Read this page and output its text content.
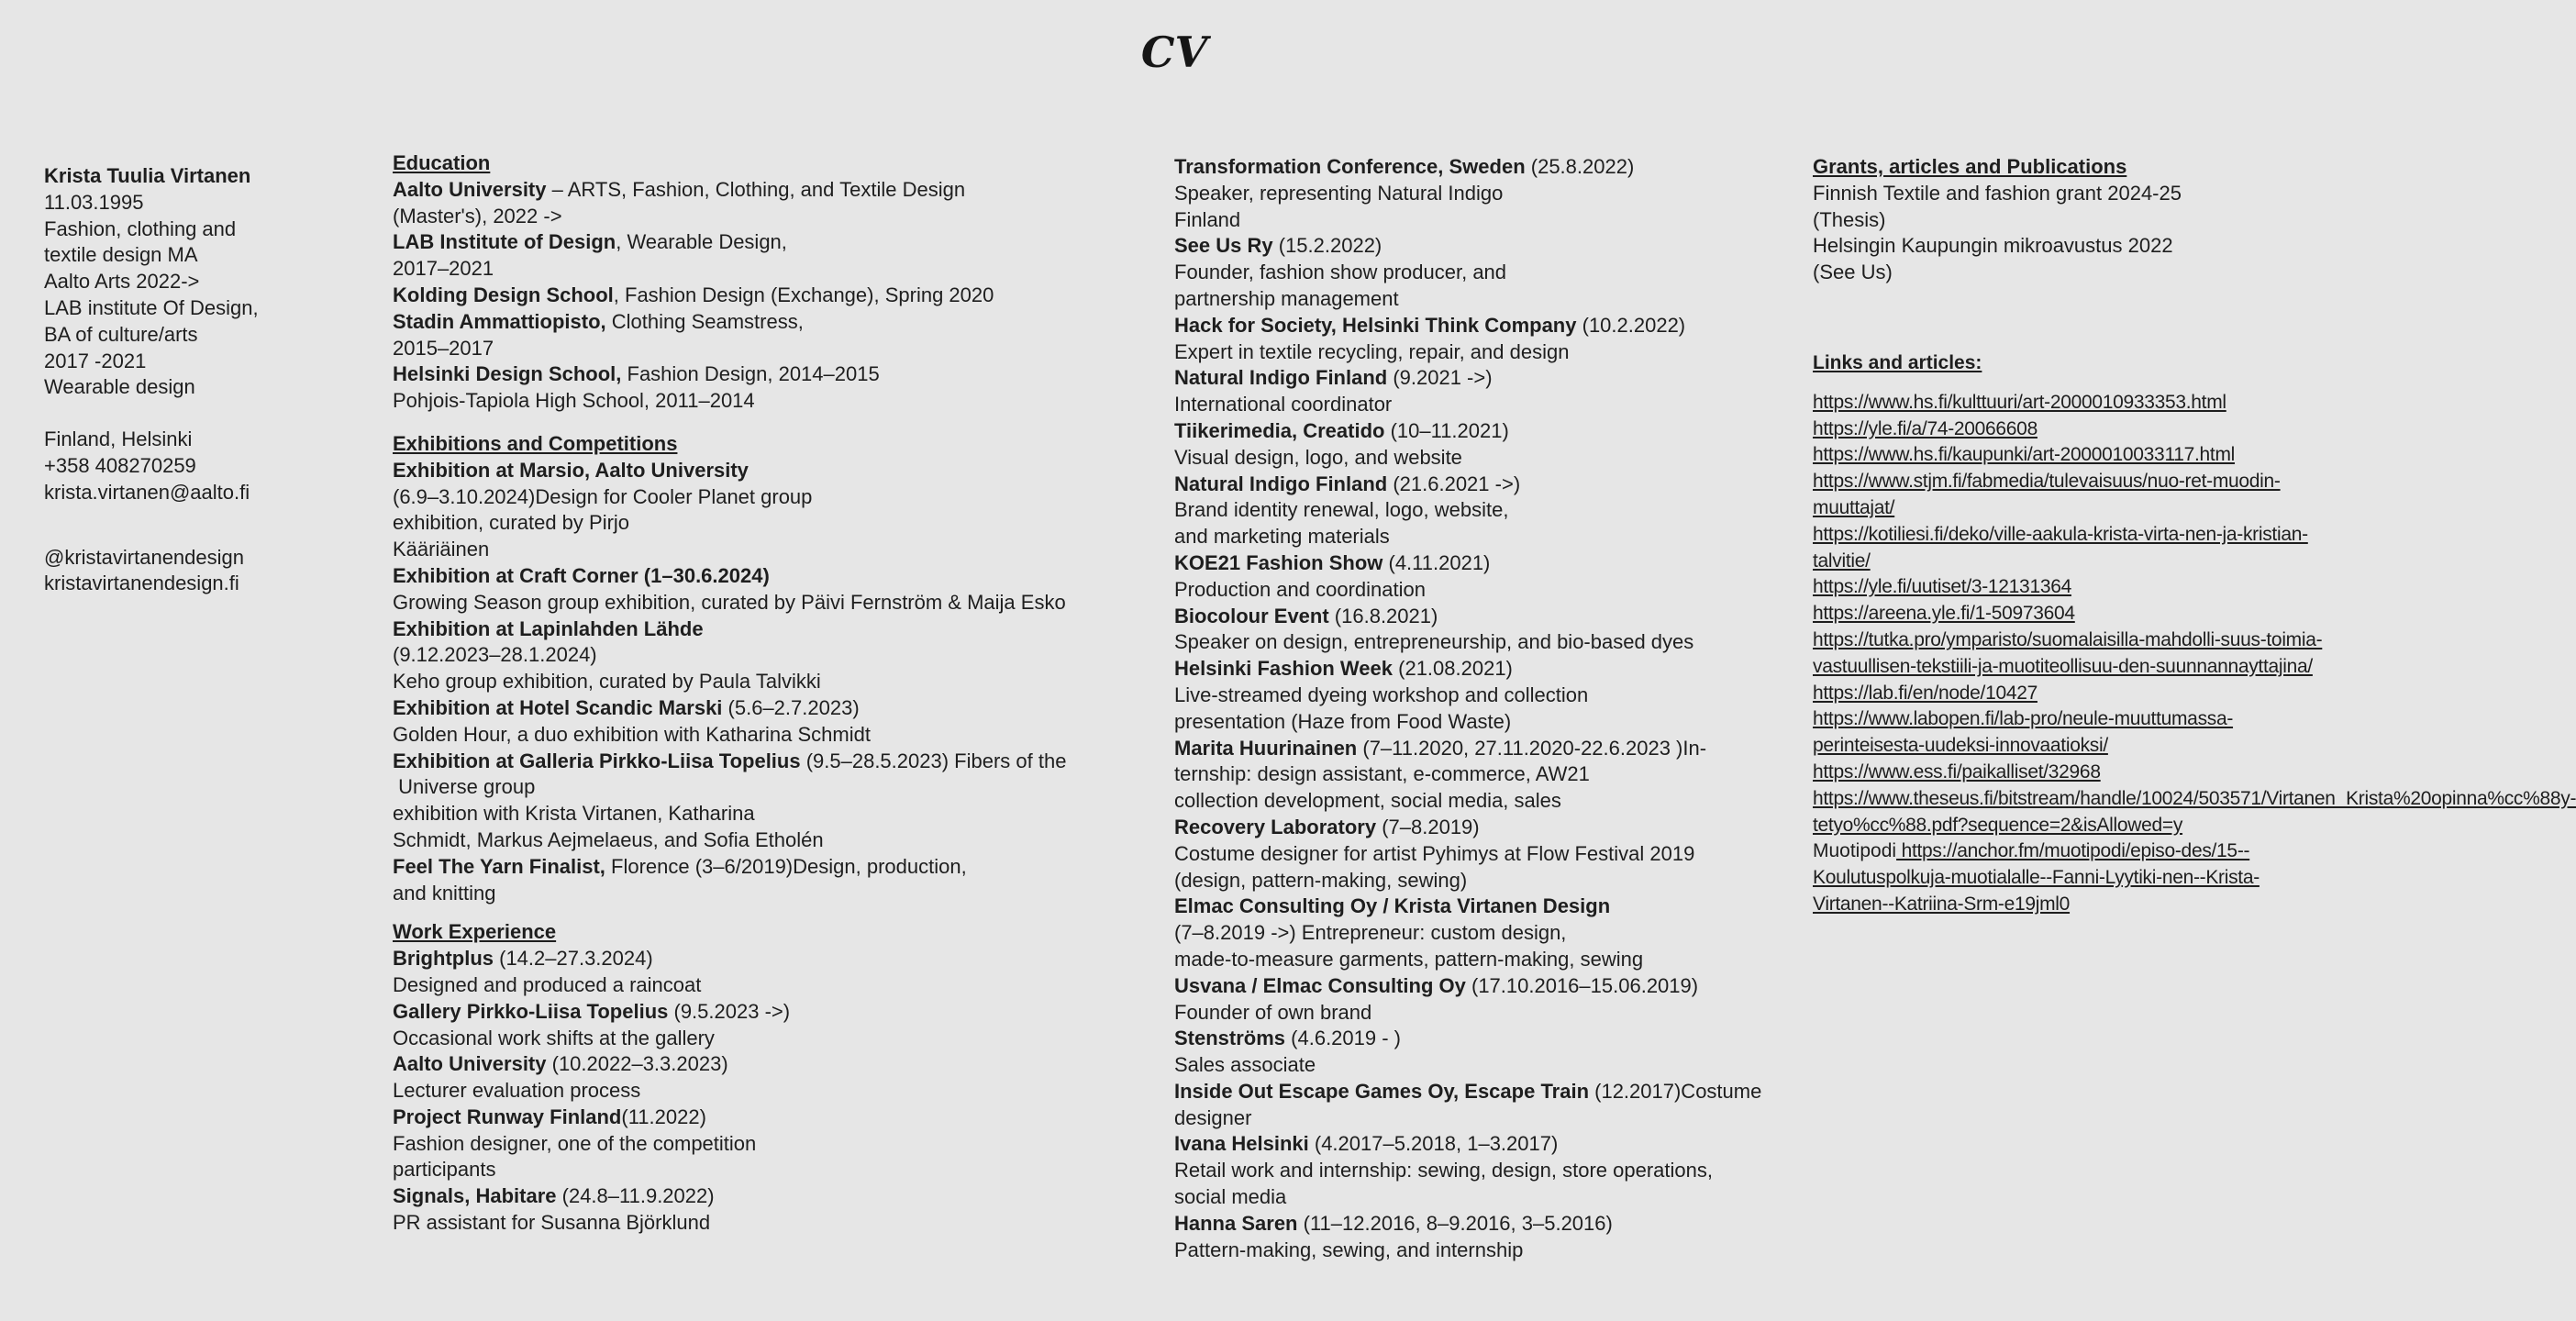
CV
Krista Tuulia Virtanen
11.03.1995
Fashion, clothing and
textile design MA
Aalto Arts 2022->
LAB institute Of Design,
BA of culture/arts
2017 -2021
Wearable design
Finland, Helsinki
+358 408270259
krista.virtanen@aalto.fi
@kristavirtanendesign
kristavirtanendesign.fi
Education
Aalto University – ARTS, Fashion, Clothing, and Textile Design
(Master's), 2022 ->
LAB Institute of Design, Wearable Design,
2017–2021
Kolding Design School, Fashion Design (Exchange), Spring 2020
Stadin Ammattiopisto, Clothing Seamstress,
2015–2017
Helsinki Design School, Fashion Design, 2014–2015
Pohjois-Tapiola High School, 2011–2014
Exhibitions and Competitions
Exhibition at Marsio, Aalto University
(6.9–3.10.2024)Design for Cooler Planet group
exhibition, curated by Pirjo
Kääriäinen
Exhibition at Craft Corner (1–30.6.2024)
Growing Season group exhibition, curated by Päivi Fernström & Maija Esko
Exhibition at Lapinlahden Lähde
(9.12.2023–28.1.2024)
Keho group exhibition, curated by Paula Talvikki
Exhibition at Hotel Scandic Marski (5.6–2.7.2023)
Golden Hour, a duo exhibition with Katharina Schmidt
Exhibition at Galleria Pirkko-Liisa Topelius (9.5–28.5.2023) Fibers of the
Universe group
exhibition with Krista Virtanen, Katharina
Schmidt, Markus Aejmelaeus, and Sofia Etholén
Feel The Yarn Finalist, Florence (3–6/2019)Design, production,
and knitting
Work Experience
Brightplus (14.2–27.3.2024)
Designed and produced a raincoat
Gallery Pirkko-Liisa Topelius (9.5.2023 ->)
Occasional work shifts at the gallery
Aalto University (10.2022–3.3.2023)
Lecturer evaluation process
Project Runway Finland(11.2022)
Fashion designer, one of the competition
participants
Signals, Habitare (24.8–11.9.2022)
PR assistant for Susanna Björklund
Transformation Conference, Sweden (25.8.2022)
Speaker, representing Natural Indigo
Finland
See Us Ry (15.2.2022)
Founder, fashion show producer, and
partnership management
Hack for Society, Helsinki Think Company (10.2.2022)
Expert in textile recycling, repair, and design
Natural Indigo Finland (9.2021 ->)
International coordinator
Tiikerimedia, Creatido (10–11.2021)
Visual design, logo, and website
Natural Indigo Finland (21.6.2021 ->)
Brand identity renewal, logo, website,
and marketing materials
KOE21 Fashion Show (4.11.2021)
Production and coordination
Biocolour Event (16.8.2021)
Speaker on design, entrepreneurship, and bio-based dyes
Helsinki Fashion Week (21.08.2021)
Live-streamed dyeing workshop and collection
presentation (Haze from Food Waste)
Marita Huurinainen (7–11.2020, 27.11.2020-22.6.2023 )In-
ternship: design assistant, e-commerce, AW21
collection development, social media, sales
Recovery Laboratory (7–8.2019)
Costume designer for artist Pyhimys at Flow Festival 2019
(design, pattern-making, sewing)
Elmac Consulting Oy / Krista Virtanen Design
(7–8.2019 ->) Entrepreneur: custom design,
made-to-measure garments, pattern-making, sewing
Usvana / Elmac Consulting Oy (17.10.2016–15.06.2019)
Founder of own brand
Stenströms (4.6.2019 - )
Sales associate
Inside Out Escape Games Oy, Escape Train (12.2017)Costume
designer
Ivana Helsinki (4.2017–5.2018, 1–3.2017)
Retail work and internship: sewing, design, store operations,
social media
Hanna Saren (11–12.2016, 8–9.2016, 3–5.2016)
Pattern-making, sewing, and internship
Grants, articles and Publications
Finnish Textile and fashion grant 2024-25
(Thesis)
Helsingin Kaupungin mikroavustus 2022
(See Us)
Links and articles:
https://www.hs.fi/kulttuuri/art-2000010933353.html
https://yle.fi/a/74-20066608
https://www.hs.fi/kaupunki/art-2000010033117.html
https://www.stjm.fi/fabmedia/tulevaisuus/nuo-ret-muodin-muuttajat/
https://kotiliesi.fi/deko/ville-aakula-krista-virta-nen-ja-kristian-talvitie/
https://yle.fi/uutiset/3-12131364
https://areena.yle.fi/1-50973604
https://tutka.pro/ymparisto/suomalaisilla-mahdolli-suus-toimia-vastuullisen-tekstiili-ja-muotiteollisuu-den-suunnannayttajina/
https://lab.fi/en/node/10427
https://www.labopen.fi/lab-pro/neule-muuttumassa-perinteisesta-uudeksi-innovaatioksi/
https://www.ess.fi/paikalliset/32968
https://www.theseus.fi/bitstream/handle/10024/503571/Virtanen_Krista%20opinna%cc%88y-tetyo%cc%88.pdf?sequence=2&isAllowed=y
Muotipodi https://anchor.fm/muotipodi/episo-des/15--Koulutuspolkuja-muotialalle--Fanni-Lyytiki-nen--Krista-Virtanen--Katriina-Srm-e19jml0
